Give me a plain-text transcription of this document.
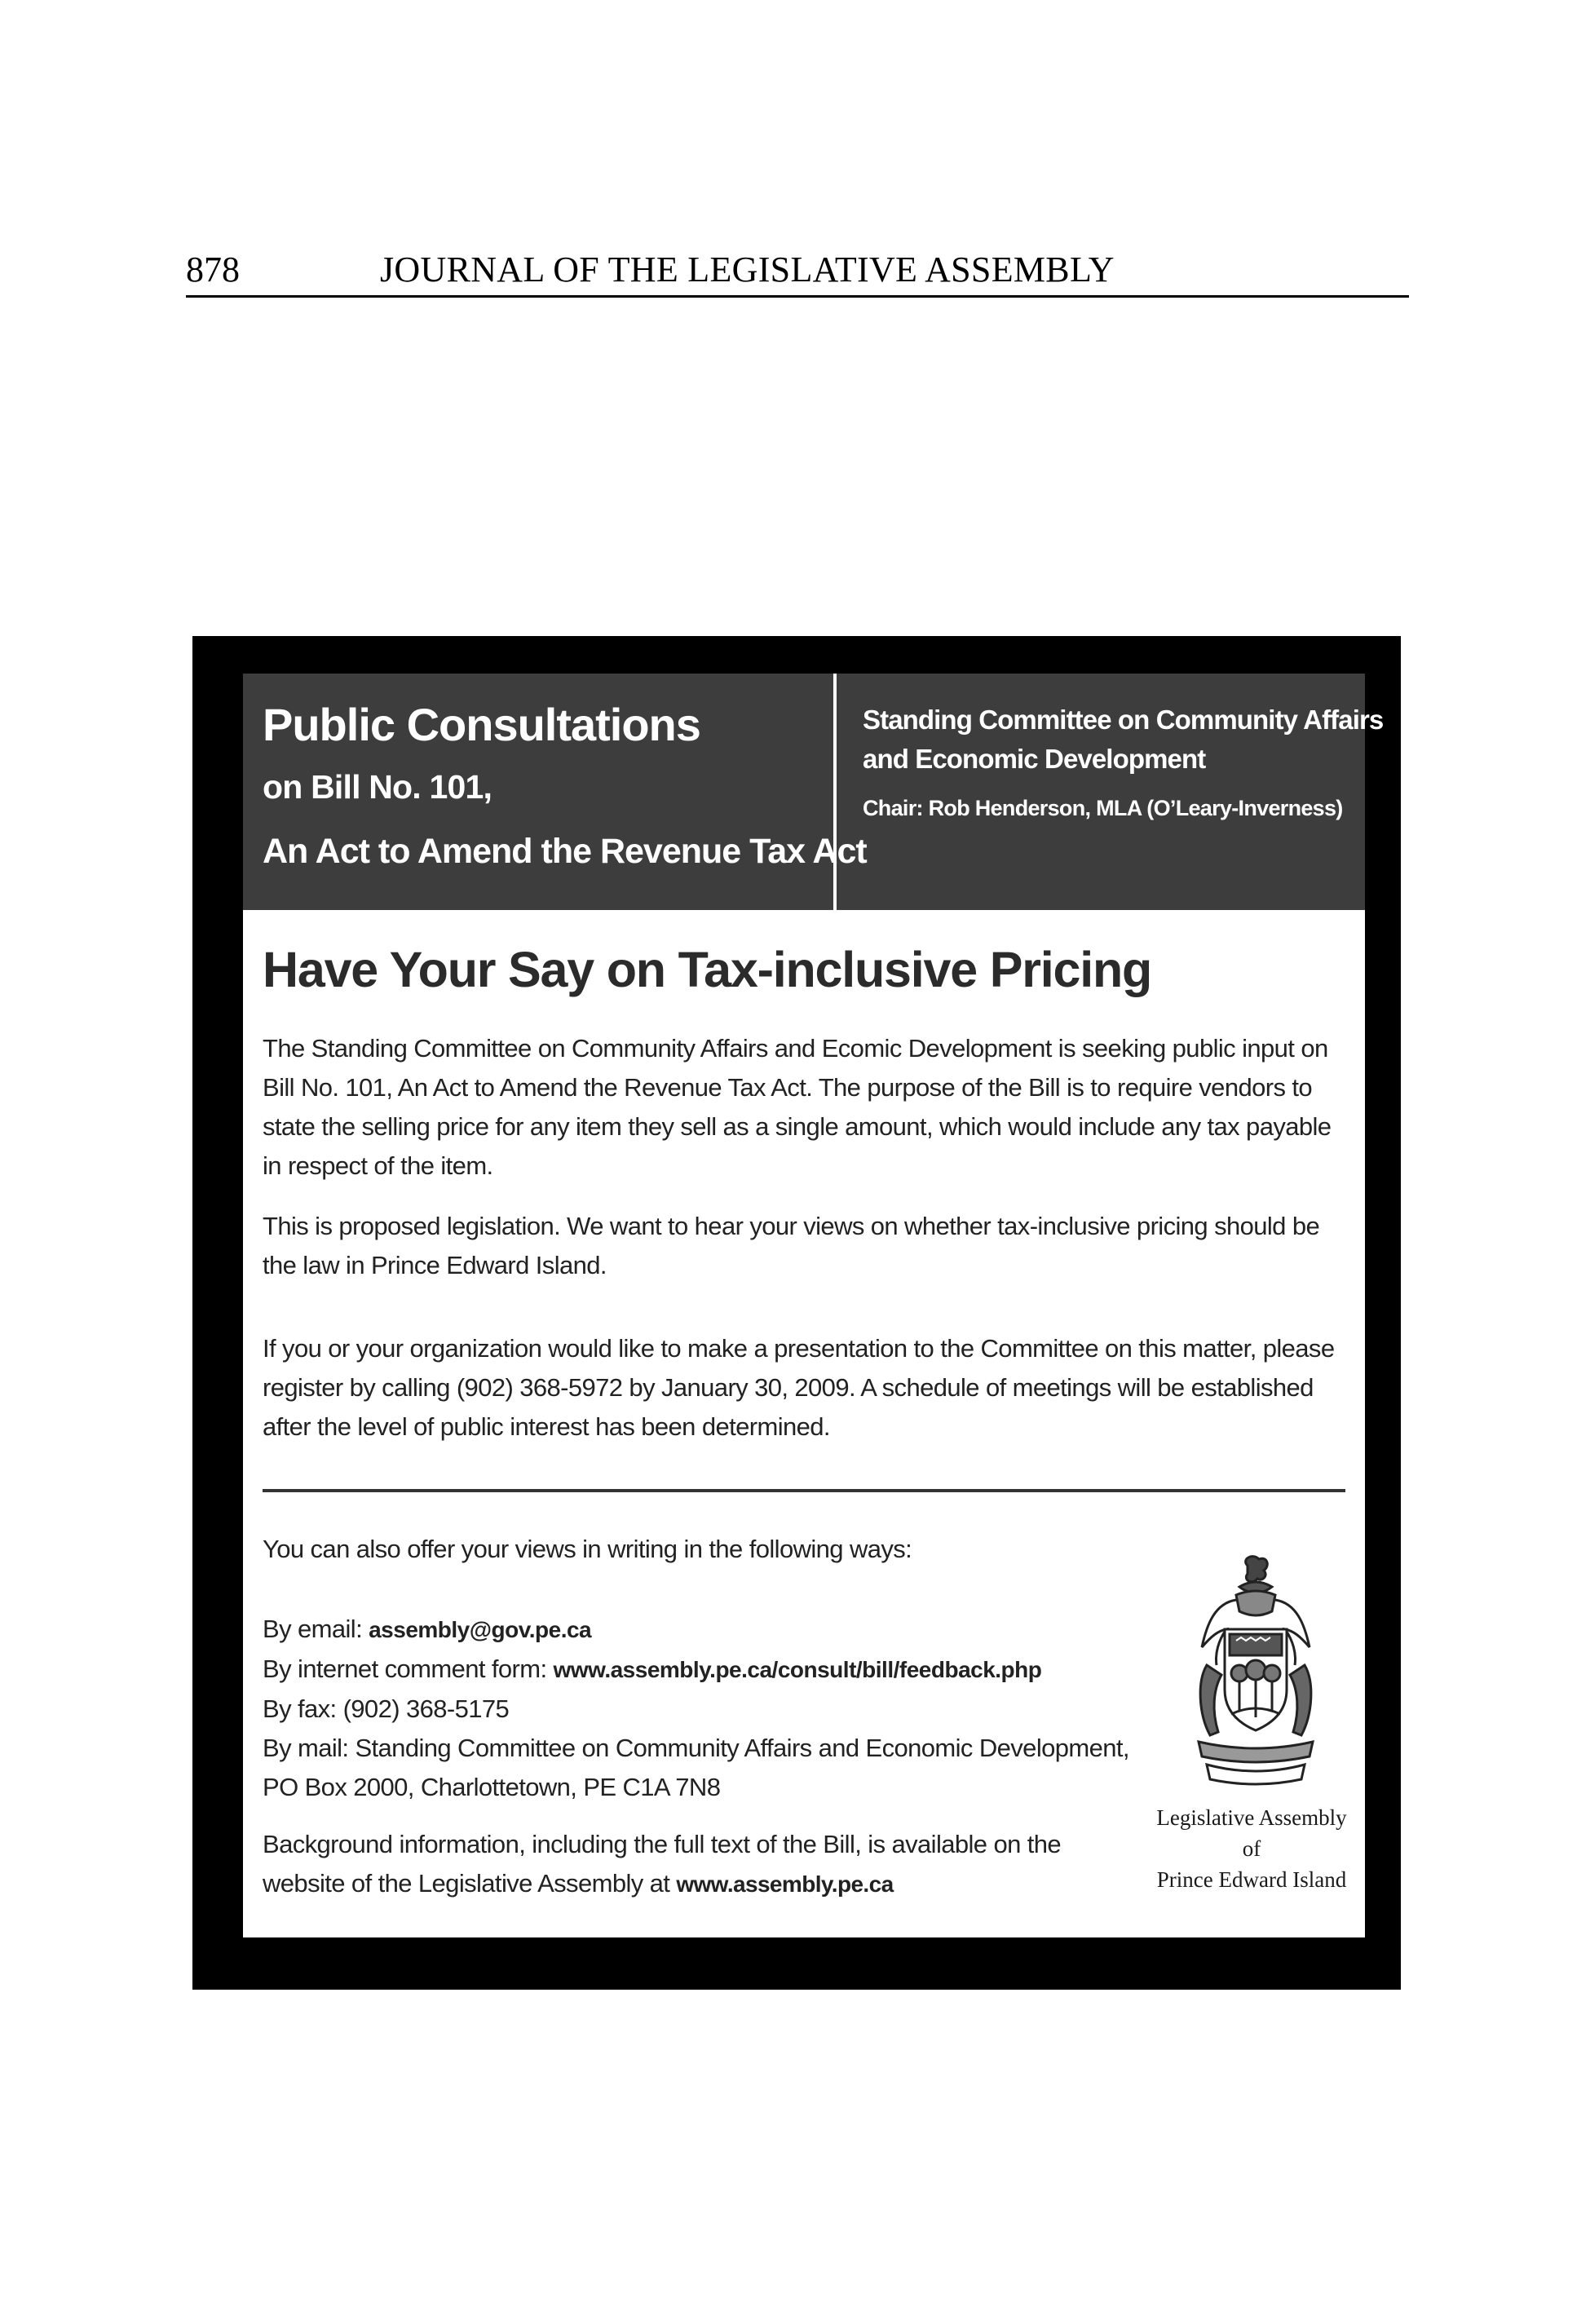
878	JOURNAL OF THE LEGISLATIVE ASSEMBLY
Public Consultations
on Bill No. 101,
An Act to Amend the Revenue Tax Act
Standing Committee on Community Affairs
and Economic Development
Chair: Rob Henderson, MLA (O’Leary-Inverness)
Have Your Say on Tax-inclusive Pricing

The Standing Committee on Community Affairs and Ecomic Development is seeking public input on Bill No. 101, An Act to Amend the Revenue Tax Act. The purpose of the Bill is to require vendors to state the selling price for any item they sell as a single amount, which would include any tax payable in respect of the item.

This is proposed legislation. We want to hear your views on whether tax-inclusive pricing should be the law in Prince Edward Island.

If you or your organization would like to make a presentation to the Committee on this matter, please register by calling (902) 368-5972 by January 30, 2009. A schedule of meetings will be established after the level of public interest has been determined.

You can also offer your views in writing in the following ways:

By email: assembly@gov.pe.ca
By internet comment form: www.assembly.pe.ca/consult/bill/feedback.php
By fax: (902) 368-5175
By mail: Standing Committee on Community Affairs and Economic Development,
PO Box 2000, Charlottetown, PE C1A 7N8
Background information, including the full text of the Bill, is available on the website of the Legislative Assembly at www.assembly.pe.ca
Legislative Assembly
of
Prince Edward Island
